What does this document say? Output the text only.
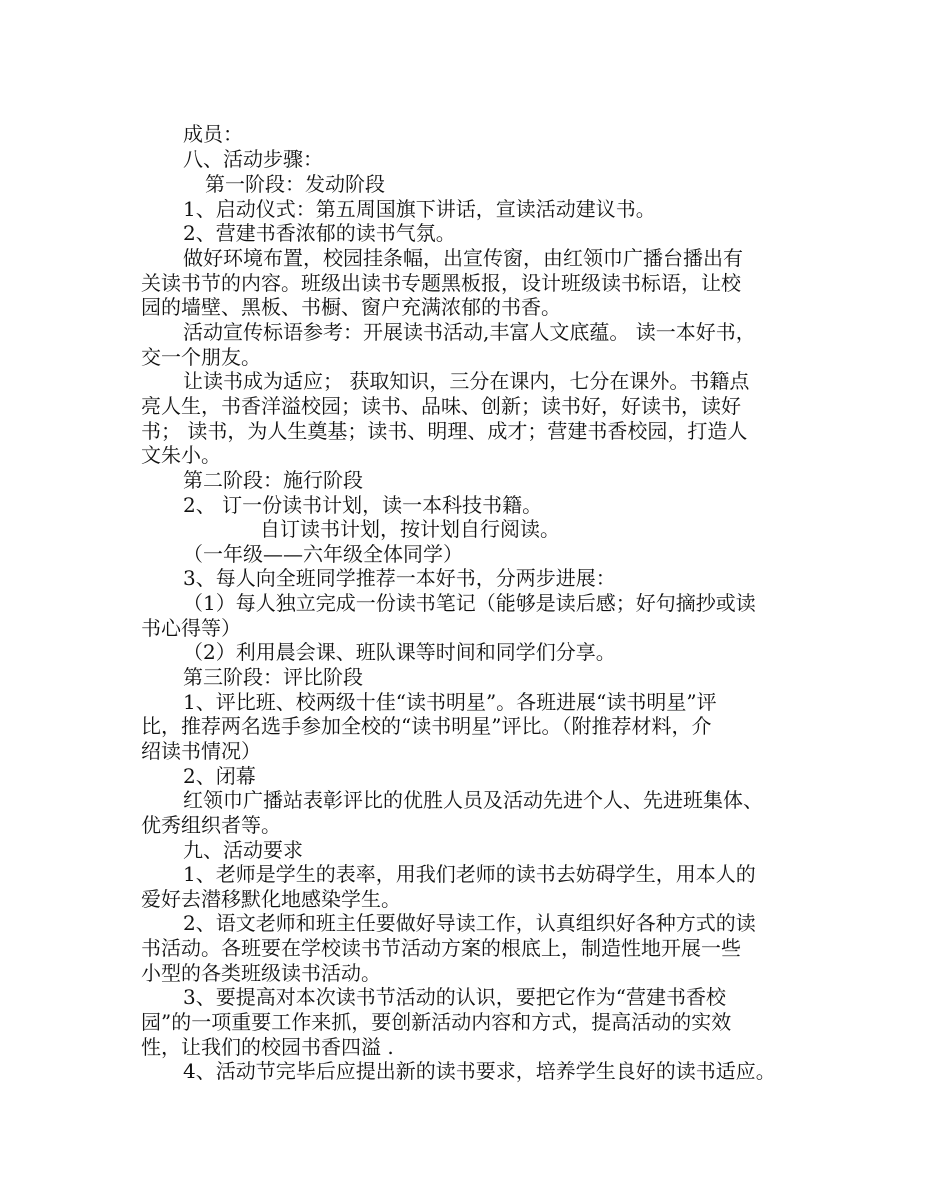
成员：
八、活动步骤：
第一阶段：发动阶段
1、启动仪式：第五周国旗下讲话，宣读活动建议书。
2、营建书香浓郁的读书气氛。
做好环境布置，校园挂条幅，出宣传窗，由红领巾广播台播出有
关读书节的内容。班级出读书专题黑板报，设计班级读书标语，让校
园的墙壁、黑板、书橱、窗户充满浓郁的书香。
活动宣传标语参考：开展读书活动,丰富人文底蕴。 读一本好书，
交一个朋友。
让读书成为适应； 获取知识，三分在课内，七分在课外。书籍点
亮人生，书香洋溢校园；读书、品味、创新；读书好，好读书，读好
书； 读书，为人生奠基；读书、明理、成才；营建书香校园，打造人
文朱小。
第二阶段：施行阶段
2、 订一份读书计划，读一本科技书籍。
自订读书计划，按计划自行阅读。
（一年级——六年级全体同学）
3、每人向全班同学推荐一本好书，分两步进展：
（1）每人独立完成一份读书笔记（能够是读后感；好句摘抄或读
书心得等）
（2）利用晨会课、班队课等时间和同学们分享。
第三阶段：评比阶段
1、评比班、校两级十佳“读书明星”。各班进展“读书明星”评
比，推荐两名选手参加全校的“读书明星”评比。（附推荐材料，介
绍读书情况）
2、闭幕
红领巾广播站表彰评比的优胜人员及活动先进个人、先进班集体、
优秀组织者等。
九、活动要求
1、老师是学生的表率，用我们老师的读书去妨碍学生，用本人的
爱好去潜移默化地感染学生。
2、语文老师和班主任要做好导读工作，认真组织好各种方式的读
书活动。各班要在学校读书节活动方案的根底上，制造性地开展一些
小型的各类班级读书活动。
3、要提高对本次读书节活动的认识，要把它作为“营建书香校
园”的一项重要工作来抓，要创新活动内容和方式，提高活动的实效
性，让我们的校园书香四溢 .
4、活动节完毕后应提出新的读书要求，培养学生良好的读书适应。
